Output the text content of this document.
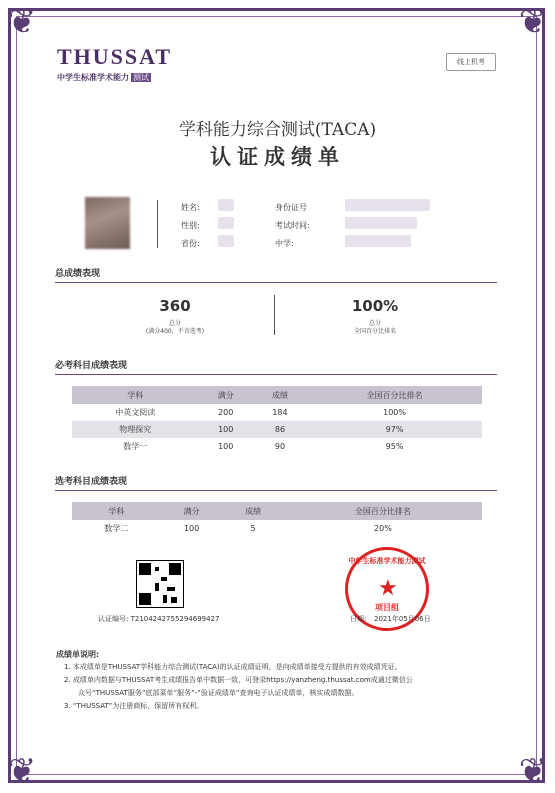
❦	❦
❦	❦
THUSSAT
中学生标准学术能力 测试
线上机考
学科能力综合测试(TACA)
认证成绩单
姓名:
性别:
省份:
身份证号
考试时间:
中学:
总成绩表现
360
总分
(满分400，不含选考)
100%
总分
全国百分比排名
必考科目成绩表现
学科	满分	成绩	全国百分比排名
中英文阅读	200	184	100%
物理探究	100	86	97%
数学一	100	90	95%
选考科目成绩表现
学科	满分	成绩	全国百分比排名
数学二	100	5	20%
中学生标准学术能力测试
★
项目组
认证编号: T2104242755294699427	日期: 2021年05月06日
成绩单说明:
1. 本成绩单是THUSSAT学科能力综合测试(TACA)的认证成绩证明，是向成绩单接受方提供的有效成绩凭证。
2. 成绩单内数据与THUSSAT考生成绩报告单中数据一致，可登录https://yanzheng.thussat.com成通过微信公
众号“THUSSAT服务”底部菜单“服务”-“验证成绩单”查询电子认证成绩单，核实成绩数据。
3. “THUSSAT”为注册商标，保留所有权利。
